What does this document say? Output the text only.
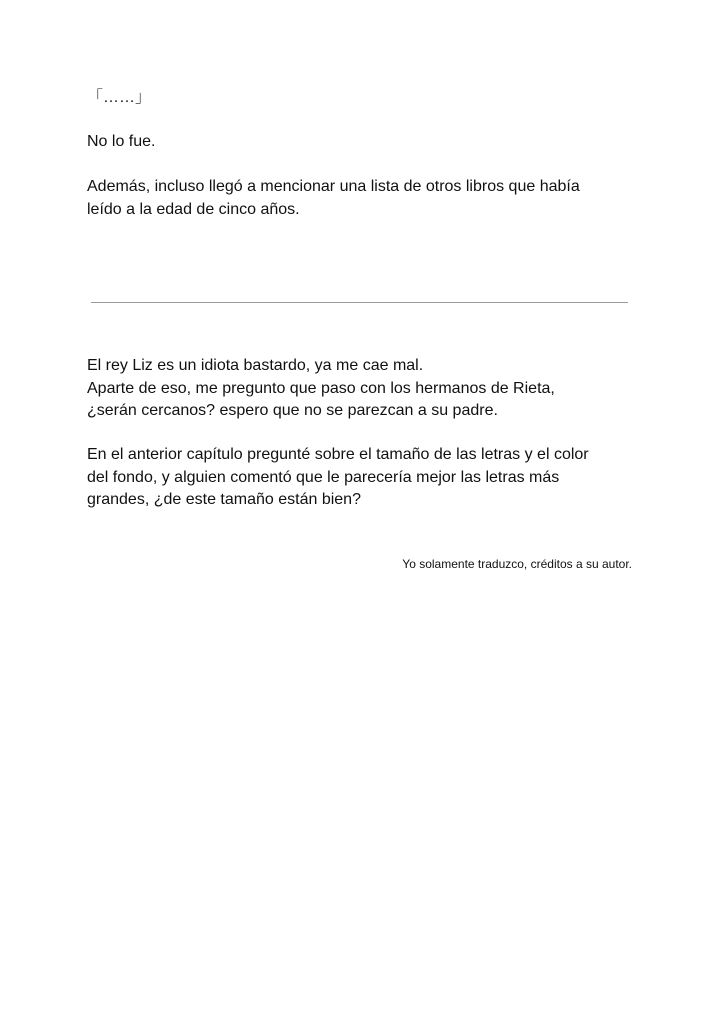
「……」

No lo fue.

Además, incluso llegó a mencionar una lista de otros libros que había
leído a la edad de cinco años.

El rey Liz es un idiota bastardo, ya me cae mal.
Aparte de eso, me pregunto que paso con los hermanos de Rieta,
¿serán cercanos? espero que no se parezcan a su padre.

En el anterior capítulo pregunté sobre el tamaño de las letras y el color
del fondo, y alguien comentó que le parecería mejor las letras más
grandes, ¿de este tamaño están bien?

Yo solamente traduzco, créditos a su autor.
